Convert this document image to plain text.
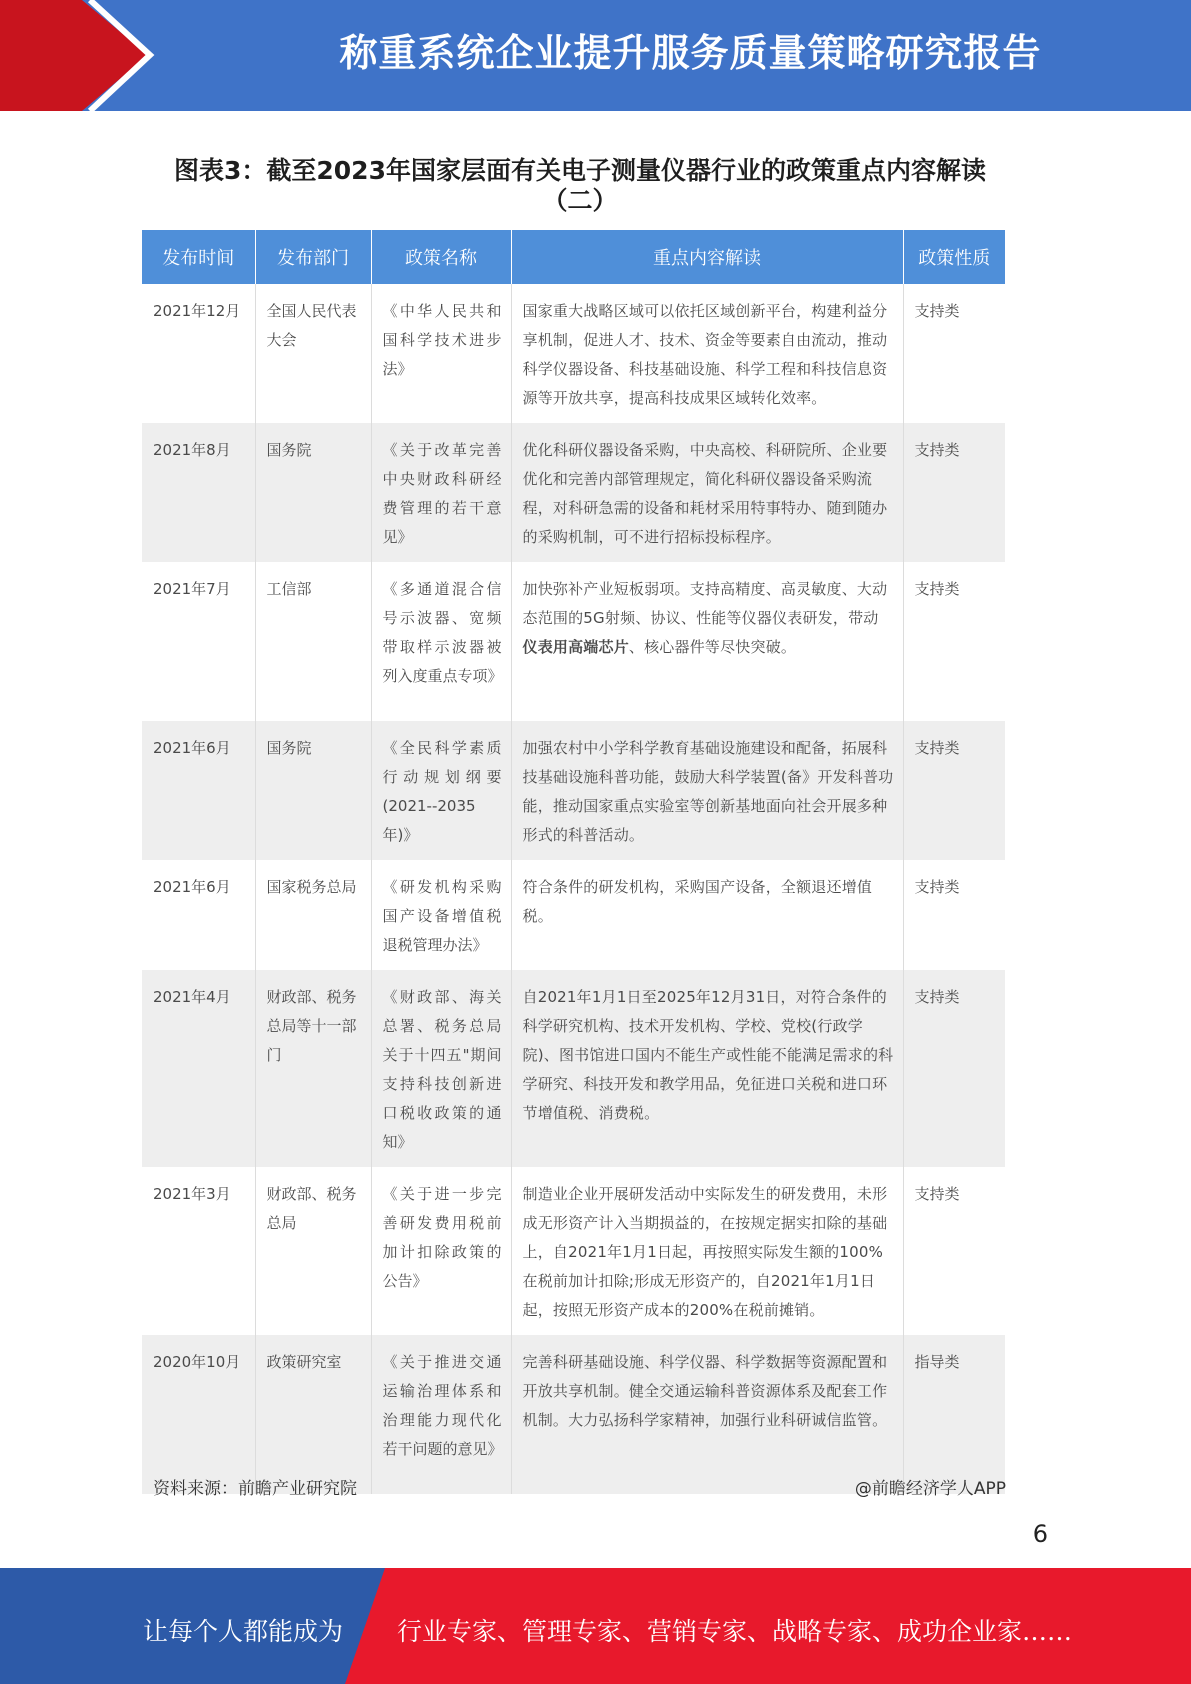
称重系统企业提升服务质量策略研究报告
图表3：截至2023年国家层面有关电子测量仪器行业的政策重点内容解读（二）
发布时间	发布部门	政策名称	重点内容解读	政策性质
2021年12月	全国人民代表大会	《中华人民共和国科学技术进步法》	国家重大战略区域可以依托区域创新平台，构建利益分享机制，促进人才、技术、资金等要素自由流动，推动科学仪器设备、科技基础设施、科学工程和科技信息资源等开放共享，提高科技成果区域转化效率。	支持类
2021年8月	国务院	《关于改革完善中央财政科研经费管理的若干意见》	优化科研仪器设备采购，中央高校、科研院所、企业要优化和完善内部管理规定，简化科研仪器设备采购流程，对科研急需的设备和耗材采用特事特办、随到随办的采购机制，可不进行招标投标程序。	支持类
2021年7月	工信部	《多通道混合信号示波器、宽频带取样示波器被列入度重点专项》	加快弥补产业短板弱项。支持高精度、高灵敏度、大动态范围的5G射频、协议、性能等仪器仪表研发，带动仪表用高端芯片、核心器件等尽快突破。	支持类
2021年6月	国务院	《全民科学素质行动规划纲要(2021--2035年)》	加强农村中小学科学教育基础设施建设和配备，拓展科技基础设施科普功能，鼓励大科学装置(备》开发科普功能，推动国家重点实验室等创新基地面向社会开展多种形式的科普活动。	支持类
2021年6月	国家税务总局	《研发机构采购国产设备增值税退税管理办法》	符合条件的研发机构，采购国产设备，全额退还增值税。	支持类
2021年4月	财政部、税务总局等十一部门	《财政部、海关总署、税务总局关于十四五"期间支持科技创新进口税收政策的通知》	自2021年1月1日至2025年12月31日，对符合条件的科学研究机构、技术开发机构、学校、党校(行政学院)、图书馆进口国内不能生产或性能不能满足需求的科学研究、科技开发和教学用品，免征进口关税和进口环节增值税、消费税。	支持类
2021年3月	财政部、税务总局	《关于进一步完善研发费用税前加计扣除政策的公告》	制造业企业开展研发活动中实际发生的研发费用，未形成无形资产计入当期损益的，在按规定据实扣除的基础上，自2021年1月1日起，再按照实际发生额的100%在税前加计扣除;形成无形资产的，自2021年1月1日起，按照无形资产成本的200%在税前摊销。	支持类
2020年10月	政策研究室	《关于推进交通运输治理体系和治理能力现代化若干问题的意见》	完善科研基础设施、科学仪器、科学数据等资源配置和开放共享机制。健全交通运输科普资源体系及配套工作机制。大力弘扬科学家精神，加强行业科研诚信监管。	指导类
资料来源：前瞻产业研究院	@前瞻经济学人APP
6
让每个人都能成为 行业专家、管理专家、营销专家、战略专家、成功企业家……
